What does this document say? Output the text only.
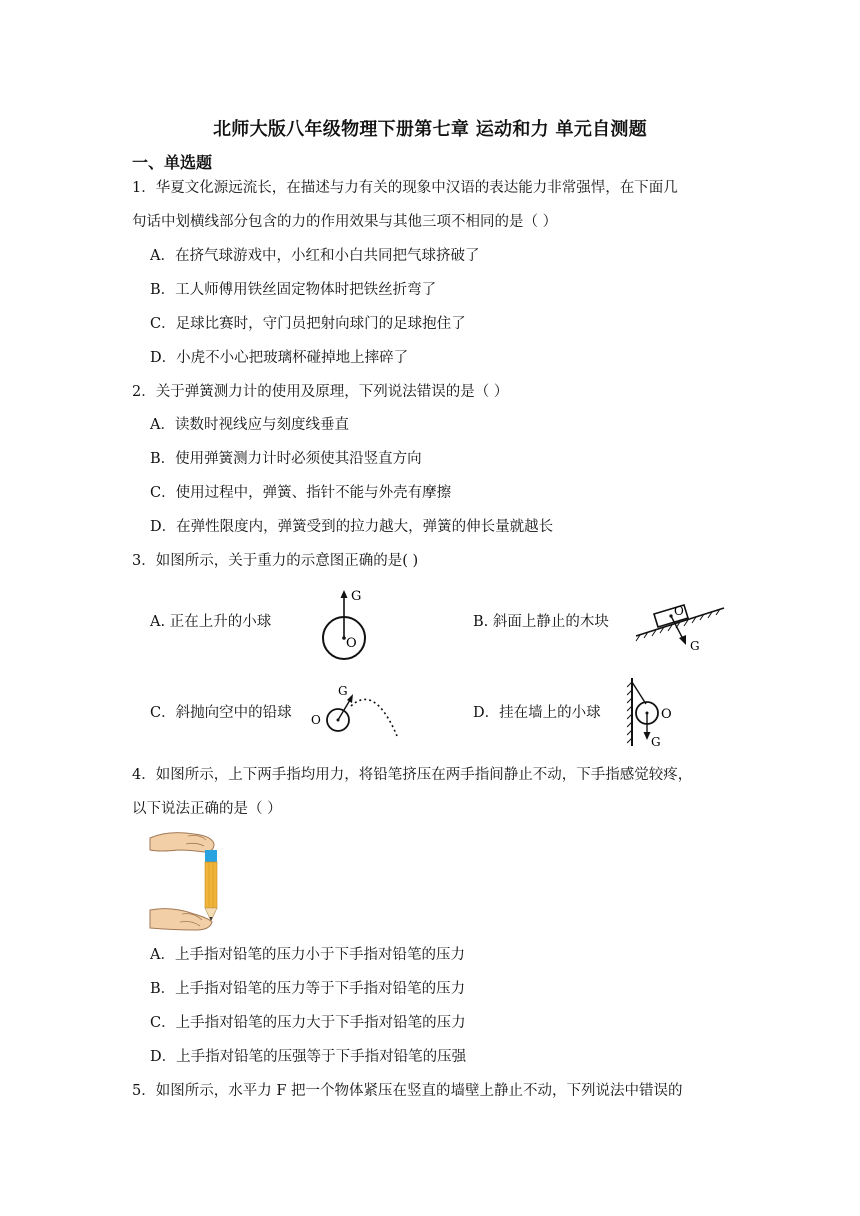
北师大版八年级物理下册第七章 运动和力 单元自测题
一、单选题
1．华夏文化源远流长，在描述与力有关的现象中汉语的表达能力非常强悍，在下面几
句话中划横线部分包含的力的作用效果与其他三项不相同的是（ ）
A．在挤气球游戏中，小红和小白共同把气球挤破了
B．工人师傅用铁丝固定物体时把铁丝折弯了
C．足球比赛时，守门员把射向球门的足球抱住了
D．小虎不小心把玻璃杯碰掉地上摔碎了
2．关于弹簧测力计的使用及原理，下列说法错误的是（ ）
A．读数时视线应与刻度线垂直
B．使用弹簧测力计时必须使其沿竖直方向
C．使用过程中，弹簧、指针不能与外壳有摩擦
D．在弹性限度内，弹簧受到的拉力越大，弹簧的伸长量就越长
3．如图所示，关于重力的示意图正确的是( )
A. 正在上升的小球	B. 斜面上静止的木块
C．斜抛向空中的铅球	D．挂在墙上的小球
G
O
O
G
G
O	O
G
4．如图所示，上下两手指均用力，将铅笔挤压在两手指间静止不动，下手指感觉较疼，
以下说法正确的是（ ）
A．上手指对铅笔的压力小于下手指对铅笔的压力
B．上手指对铅笔的压力等于下手指对铅笔的压力
C．上手指对铅笔的压力大于下手指对铅笔的压力
D．上手指对铅笔的压强等于下手指对铅笔的压强
5．如图所示，水平力 F 把一个物体紧压在竖直的墙壁上静止不动，下列说法中错误的
